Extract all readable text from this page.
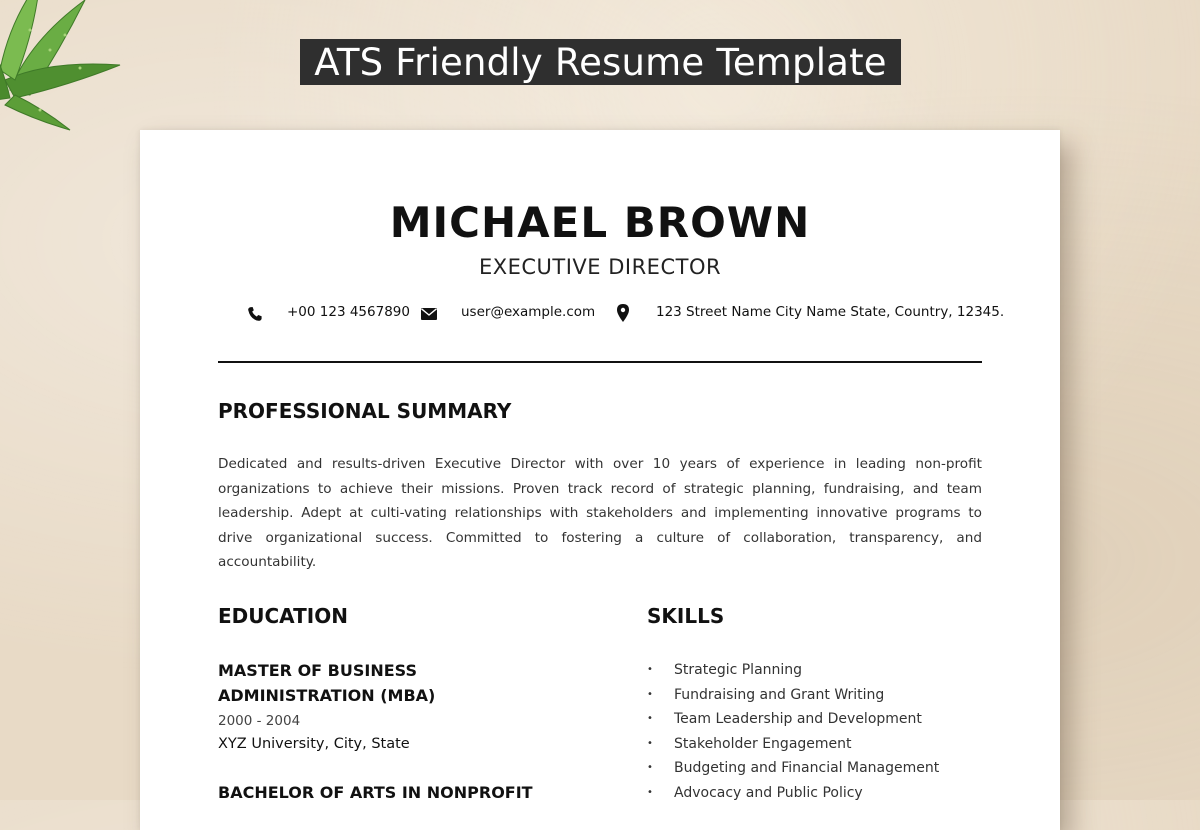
ATS Friendly Resume Template
MICHAEL BROWN
EXECUTIVE DIRECTOR
+00 123 4567890	user@example.com	123 Street Name City Name State, Country, 12345.
PROFESSIONAL SUMMARY
Dedicated and results-driven Executive Director with over 10 years of experience in leading non-profit organizations to achieve their missions. Proven track record of strategic planning, fundraising, and team leadership. Adept at culti-vating relationships with stakeholders and implementing innovative programs to drive organizational success. Committed to fostering a culture of collaboration, transparency, and accountability.
EDUCATION
MASTER OF BUSINESS ADMINISTRATION (MBA)
2000 - 2004
XYZ University, City, State
BACHELOR OF ARTS IN NONPROFIT
SKILLS
• Strategic Planning
• Fundraising and Grant Writing
• Team Leadership and Development
• Stakeholder Engagement
• Budgeting and Financial Management
• Advocacy and Public Policy
